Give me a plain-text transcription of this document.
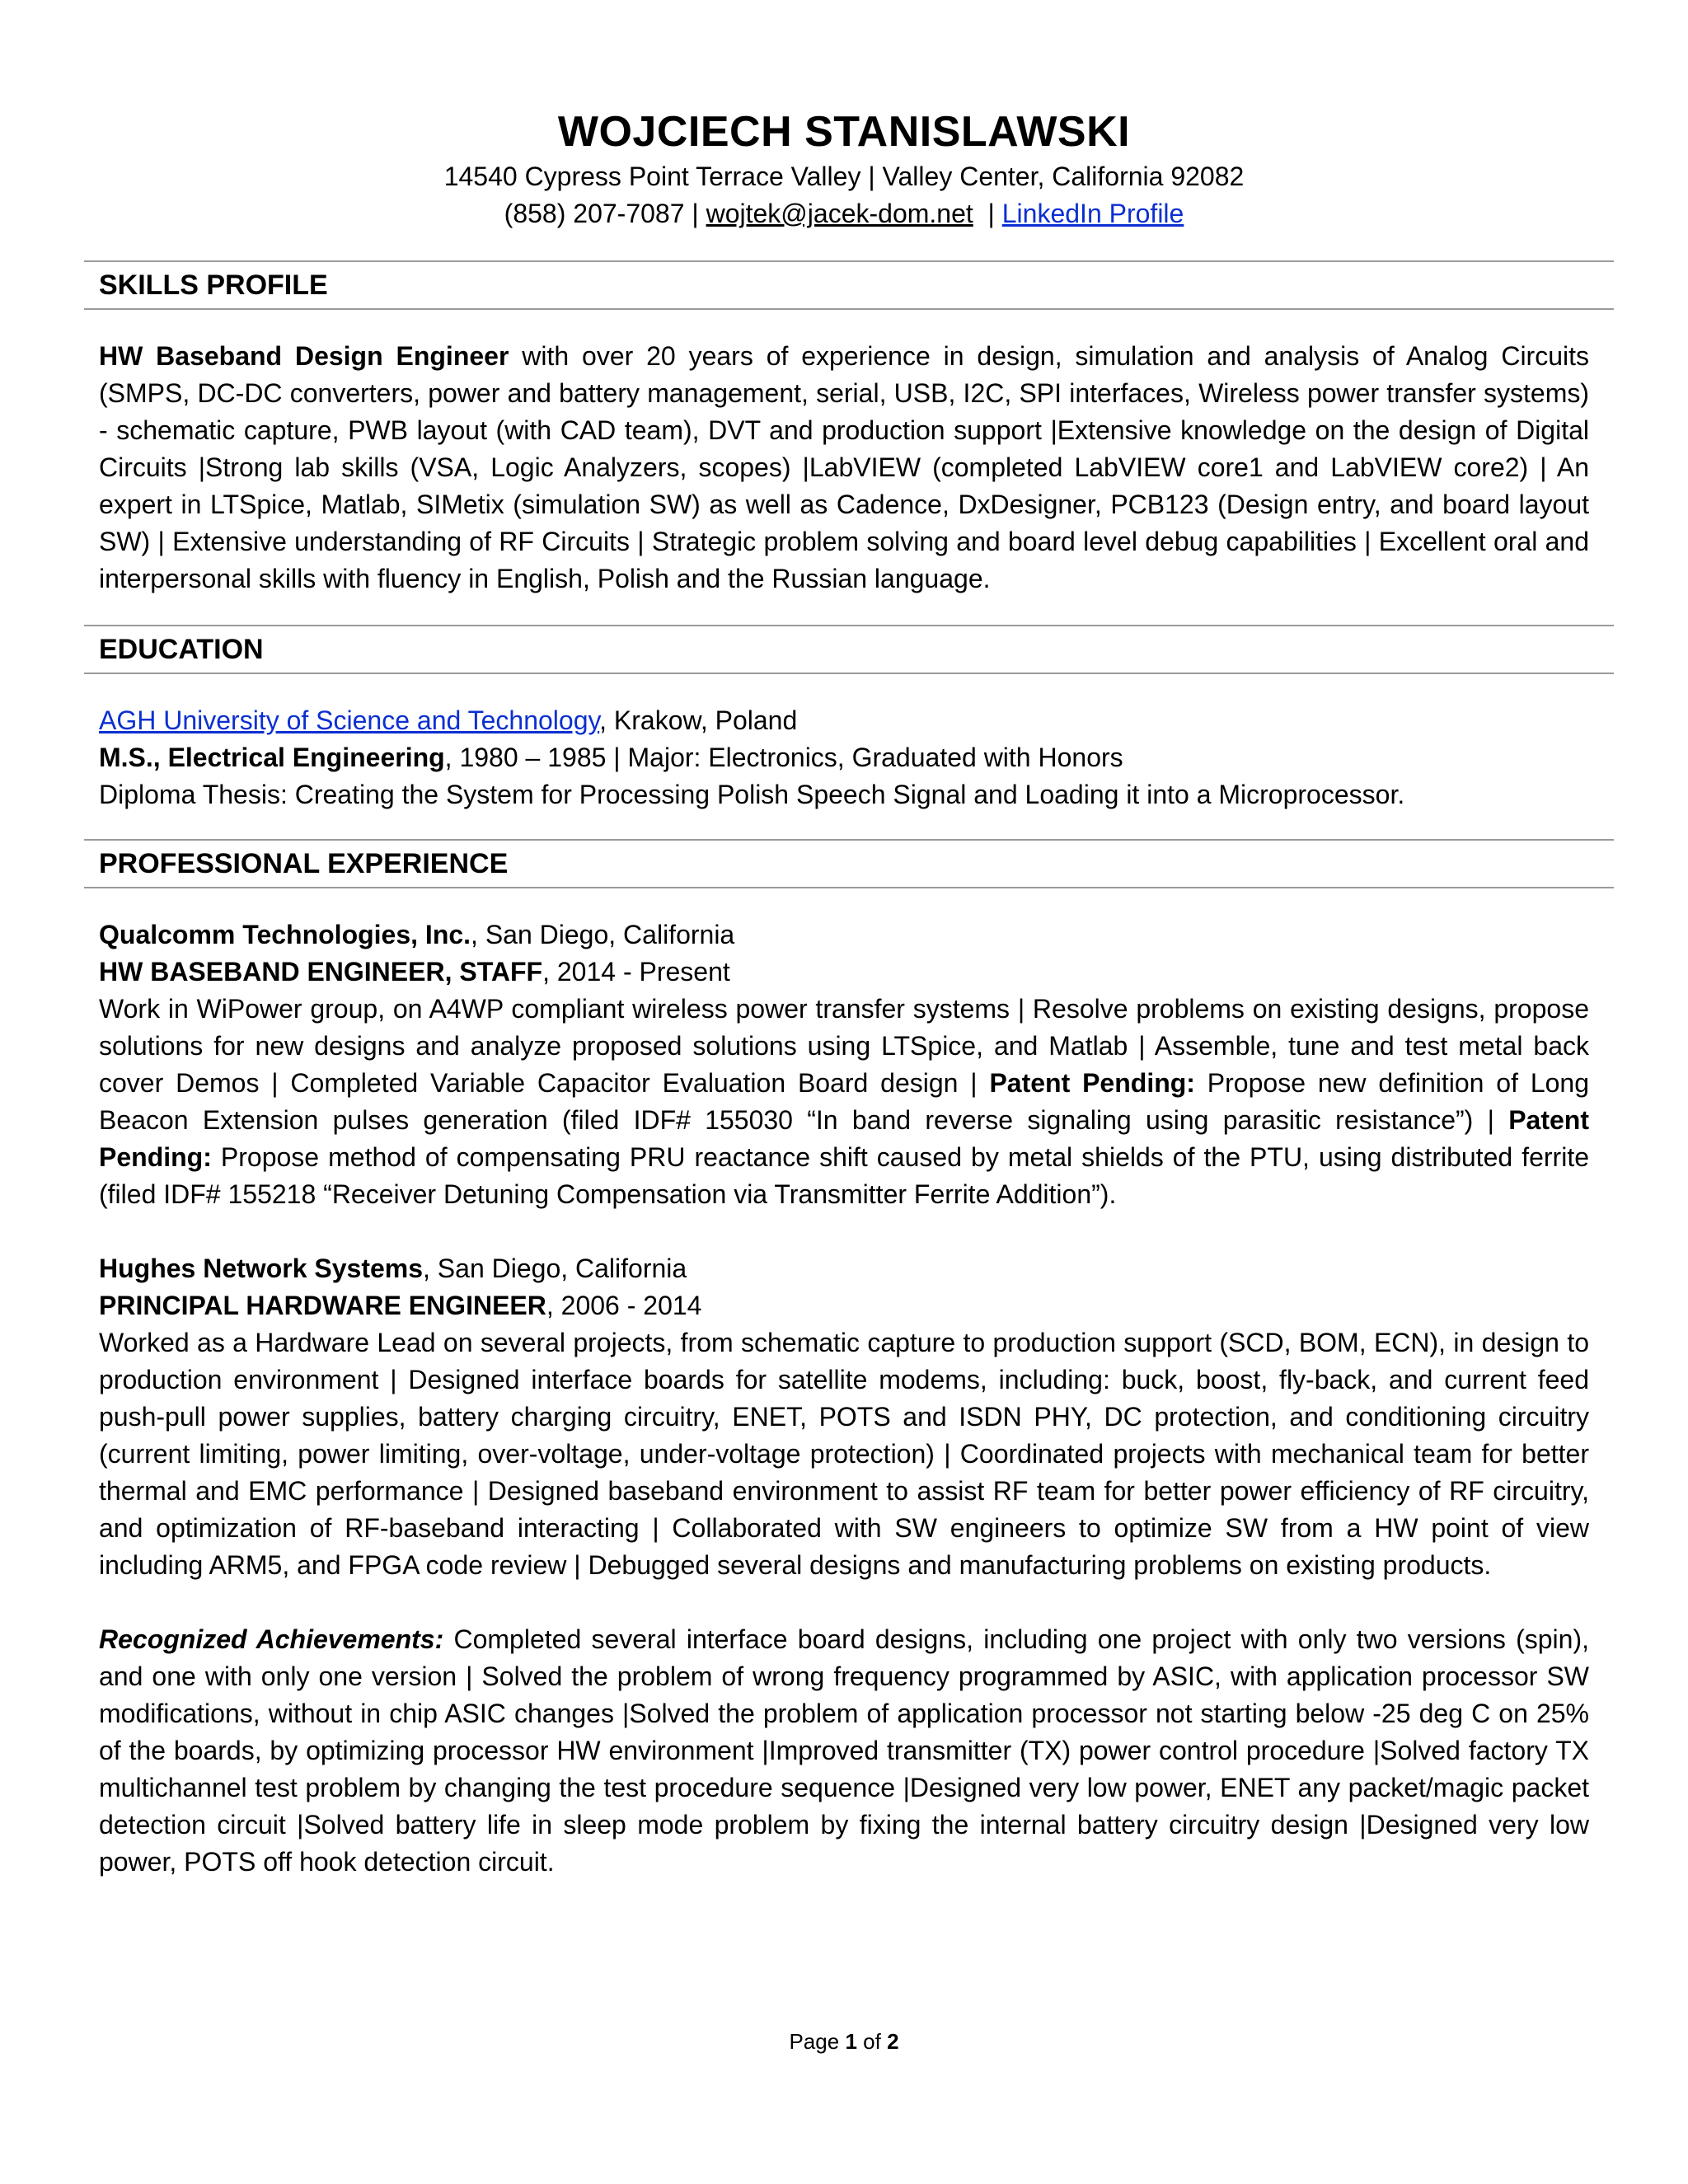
WOJCIECH STANISLAWSKI
14540 Cypress Point Terrace Valley | Valley Center, California 92082
(858) 207-7087 | wojtek@jacek-dom.net | LinkedIn Profile
SKILLS PROFILE

HW Baseband Design Engineer with over 20 years of experience in design, simulation and analysis of Analog Circuits (SMPS, DC-DC converters, power and battery management, serial, USB, I2C, SPI interfaces, Wireless power transfer systems) - schematic capture, PWB layout (with CAD team), DVT and production support |Extensive knowledge on the design of Digital Circuits |Strong lab skills (VSA, Logic Analyzers, scopes) |LabVIEW (completed LabVIEW core1 and LabVIEW core2) | An expert in LTSpice, Matlab, SIMetix (simulation SW) as well as Cadence, DxDesigner, PCB123 (Design entry, and board layout SW) | Extensive understanding of RF Circuits | Strategic problem solving and board level debug capabilities | Excellent oral and interpersonal skills with fluency in English, Polish and the Russian language.

EDUCATION

AGH University of Science and Technology, Krakow, Poland

M.S., Electrical Engineering, 1980 – 1985 | Major: Electronics, Graduated with Honors

Diploma Thesis: Creating the System for Processing Polish Speech Signal and Loading it into a Microprocessor.

PROFESSIONAL EXPERIENCE

Qualcomm Technologies, Inc., San Diego, California

HW BASEBAND ENGINEER, STAFF, 2014 - Present

Work in WiPower group, on A4WP compliant wireless power transfer systems | Resolve problems on existing designs, propose solutions for new designs and analyze proposed solutions using LTSpice, and Matlab | Assemble, tune and test metal back cover Demos | Completed Variable Capacitor Evaluation Board design | Patent Pending: Propose new definition of Long Beacon Extension pulses generation (filed IDF# 155030 “In band reverse signaling using parasitic resistance”) | Patent Pending: Propose method of compensating PRU reactance shift caused by metal shields of the PTU, using distributed ferrite (filed IDF# 155218 “Receiver Detuning Compensation via Transmitter Ferrite Addition”).

Hughes Network Systems, San Diego, California

PRINCIPAL HARDWARE ENGINEER, 2006 - 2014

Worked as a Hardware Lead on several projects, from schematic capture to production support (SCD, BOM, ECN), in design to production environment | Designed interface boards for satellite modems, including: buck, boost, fly-back, and current feed push-pull power supplies, battery charging circuitry, ENET, POTS and ISDN PHY, DC protection, and conditioning circuitry (current limiting, power limiting, over-voltage, under-voltage protection) | Coordinated projects with mechanical team for better thermal and EMC performance | Designed baseband environment to assist RF team for better power efficiency of RF circuitry, and optimization of RF-baseband interacting | Collaborated with SW engineers to optimize SW from a HW point of view including ARM5, and FPGA code review | Debugged several designs and manufacturing problems on existing products.

Recognized Achievements: Completed several interface board designs, including one project with only two versions (spin), and one with only one version | Solved the problem of wrong frequency programmed by ASIC, with application processor SW modifications, without in chip ASIC changes |Solved the problem of application processor not starting below -25 deg C on 25% of the boards, by optimizing processor HW environment |Improved transmitter (TX) power control procedure |Solved factory TX multichannel test problem by changing the test procedure sequence |Designed very low power, ENET any packet/magic packet detection circuit |Solved battery life in sleep mode problem by fixing the internal battery circuitry design |Designed very low power, POTS off hook detection circuit.

Page 1 of 2
